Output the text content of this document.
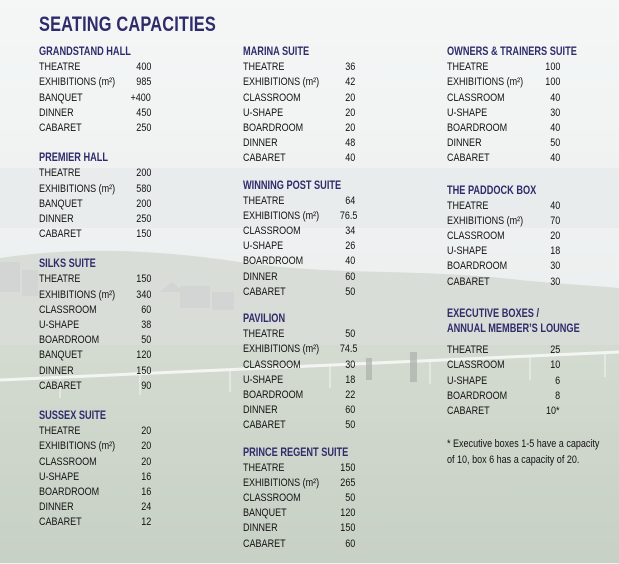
SEATING CAPACITIES
GRANDSTAND HALL
THEATRE	400
EXHIBITIONS (m²) 985
BANQUET	+400
DINNER	450
CABARET	250
PREMIER HALL
THEATRE	200
EXHIBITIONS (m²) 580
BANQUET	200
DINNER	250
CABARET	150
SILKS SUITE
THEATRE	150
EXHIBITIONS (m²) 340
CLASSROOM	60
U-SHAPE	38
BOARDROOM	50
BANQUET	120
DINNER	150
CABARET	90
SUSSEX SUITE
THEATRE	20
EXHIBITIONS (m²) 20
CLASSROOM	20
U-SHAPE	16
BOARDROOM	16
DINNER	24
CABARET	12
MARINA SUITE
THEATRE	36
EXHIBITIONS (m²) 42
CLASSROOM	20
U-SHAPE	20
BOARDROOM	20
DINNER	48
CABARET	40
WINNING POST SUITE
THEATRE	64
EXHIBITIONS (m²) 76.5
CLASSROOM	34
U-SHAPE	26
BOARDROOM	40
DINNER	60
CABARET	50
PAVILION
THEATRE	50
EXHIBITIONS (m²) 74.5
CLASSROOM	30
U-SHAPE	18
BOARDROOM	22
DINNER	60
CABARET	50
PRINCE REGENT SUITE
THEATRE	150
EXHIBITIONS (m²) 265
CLASSROOM	50
BANQUET	120
DINNER	150
CABARET	60
OWNERS & TRAINERS SUITE
THEATRE	100
EXHIBITIONS (m²) 100
CLASSROOM	40
U-SHAPE	30
BOARDROOM	40
DINNER	50
CABARET	40
THE PADDOCK BOX
THEATRE	40
EXHIBITIONS (m²) 70
CLASSROOM	20
U-SHAPE	18
BOARDROOM	30
CABARET	30
EXECUTIVE BOXES /
ANNUAL MEMBER’S LOUNGE
THEATRE	25
CLASSROOM	10
U-SHAPE	6
BOARDROOM	8
CABARET	10*
* Executive boxes 1-5 have a capacity of 10, box 6 has a capacity of 20.
